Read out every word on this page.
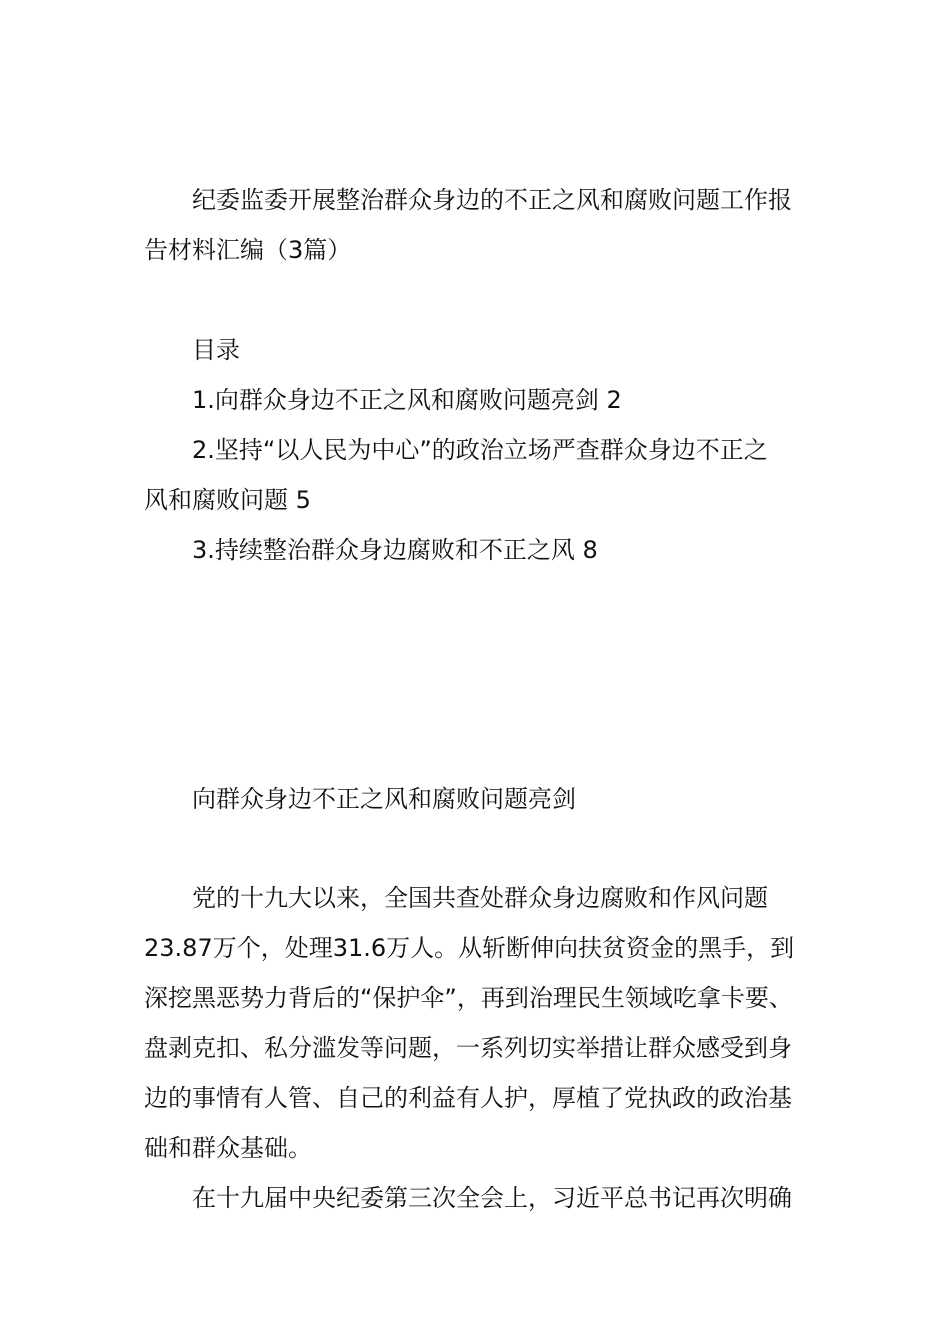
纪委监委开展整治群众身边的不正之风和腐败问题工作报
告材料汇编（3篇）
目录
1.向群众身边不正之风和腐败问题亮剑 2
2.坚持“以人民为中心”的政治立场严查群众身边不正之
风和腐败问题 5
3.持续整治群众身边腐败和不正之风 8
向群众身边不正之风和腐败问题亮剑
党的十九大以来，全国共查处群众身边腐败和作风问题
23.87万个，处理31.6万人。从斩断伸向扶贫资金的黑手，到
深挖黑恶势力背后的“保护伞”，再到治理民生领域吃拿卡要、
盘剥克扣、私分滥发等问题，一系列切实举措让群众感受到身
边的事情有人管、自己的利益有人护，厚植了党执政的政治基
础和群众基础。
在十九届中央纪委第三次全会上，习近平总书记再次明确
